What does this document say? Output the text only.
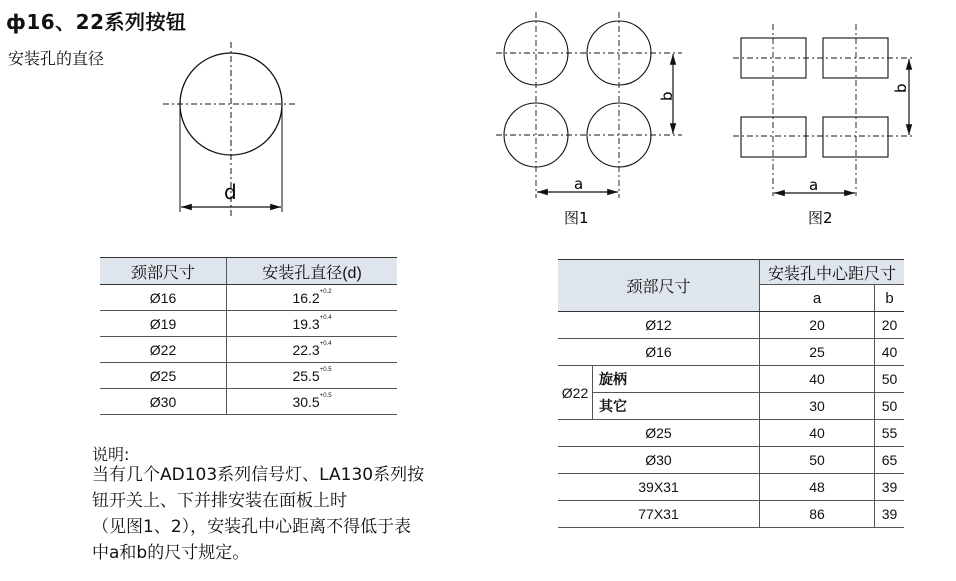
ф16、22系列按钮
安装孔的直径
d
b
a
图1
b
a
图2
颈部尺寸	安装孔直径(d)
Ø16	$16.2^{+0.2}$
Ø19	$19.3^{+0.4}$
Ø22	$22.3^{+0.4}$
Ø25	$25.5^{+0.5}$
Ø30	$30.5^{+0.5}$
颈部尺寸		安装孔中心距尺寸	
		a	b
Ø12		20	20
Ø16		25	40
Ø22	旋柄	40	50
	其它	30	50
Ø25		40	55
Ø30		50	65
39X31		48	39
77X31		86	39
说明:
当有几个AD103系列信号灯、LA130系列按
钮开关上、下并排安装在面板上时
（见图1、2），安装孔中心距离不得低于表
中a和b的尺寸规定。
